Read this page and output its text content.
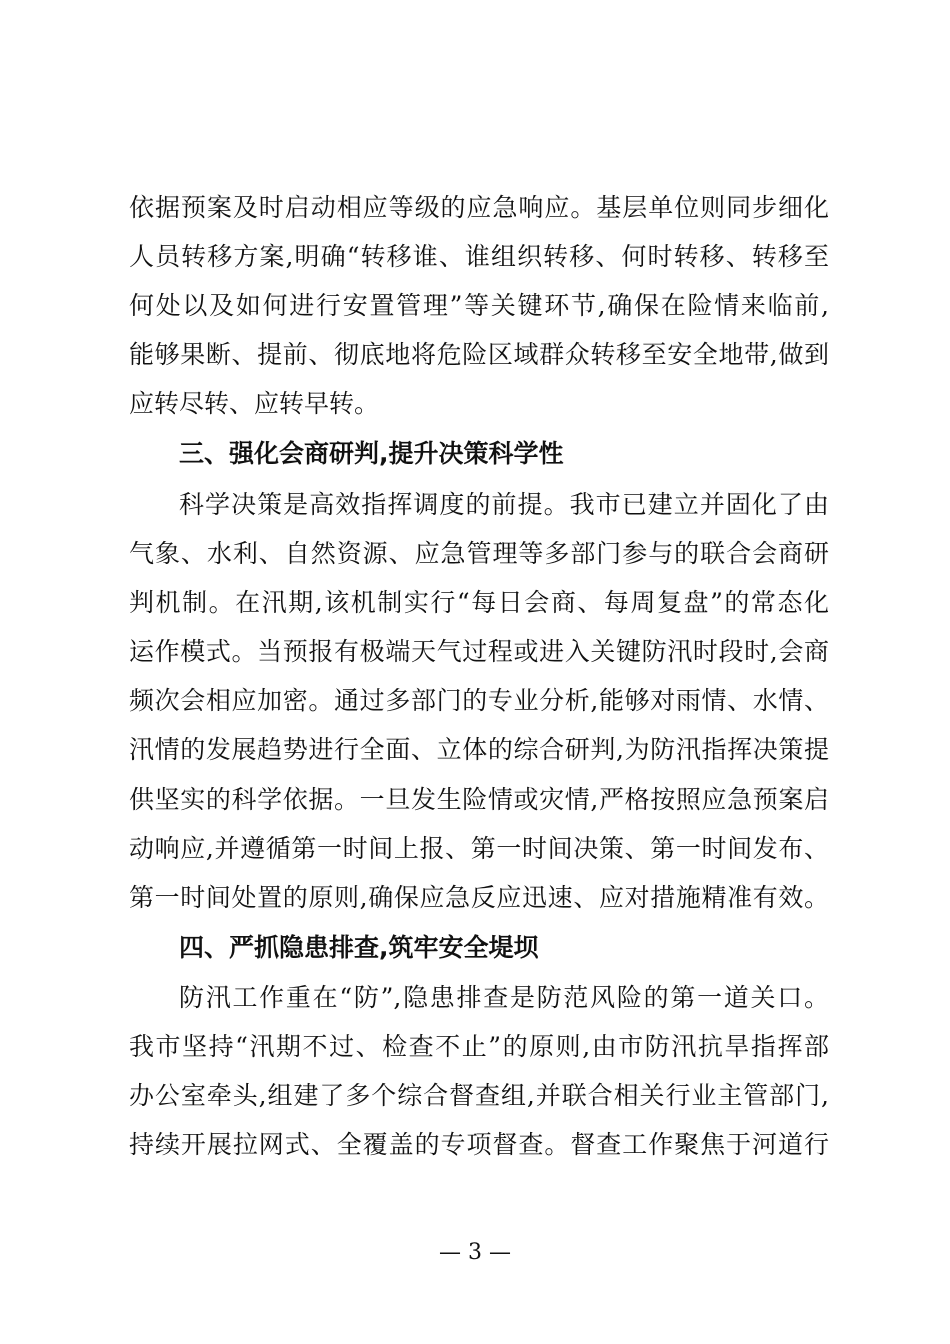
依据预案及时启动相应等级的应急响应。基层单位则同步细化
人员转移方案,明确“转移谁、谁组织转移、何时转移、转移至
何处以及如何进行安置管理”等关键环节,确保在险情来临前,
能够果断、提前、彻底地将危险区域群众转移至安全地带,做到
应转尽转、应转早转。
三、强化会商研判,提升决策科学性
科学决策是高效指挥调度的前提。我市已建立并固化了由
气象、水利、自然资源、应急管理等多部门参与的联合会商研
判机制。在汛期,该机制实行“每日会商、每周复盘”的常态化
运作模式。当预报有极端天气过程或进入关键防汛时段时,会商
频次会相应加密。通过多部门的专业分析,能够对雨情、水情、
汛情的发展趋势进行全面、立体的综合研判,为防汛指挥决策提
供坚实的科学依据。一旦发生险情或灾情,严格按照应急预案启
动响应,并遵循第一时间上报、第一时间决策、第一时间发布、
第一时间处置的原则,确保应急反应迅速、应对措施精准有效。
四、严抓隐患排查,筑牢安全堤坝
防汛工作重在“防”,隐患排查是防范风险的第一道关口。
我市坚持“汛期不过、检查不止”的原则,由市防汛抗旱指挥部
办公室牵头,组建了多个综合督查组,并联合相关行业主管部门,
持续开展拉网式、全覆盖的专项督查。督查工作聚焦于河道行
— 3 —
